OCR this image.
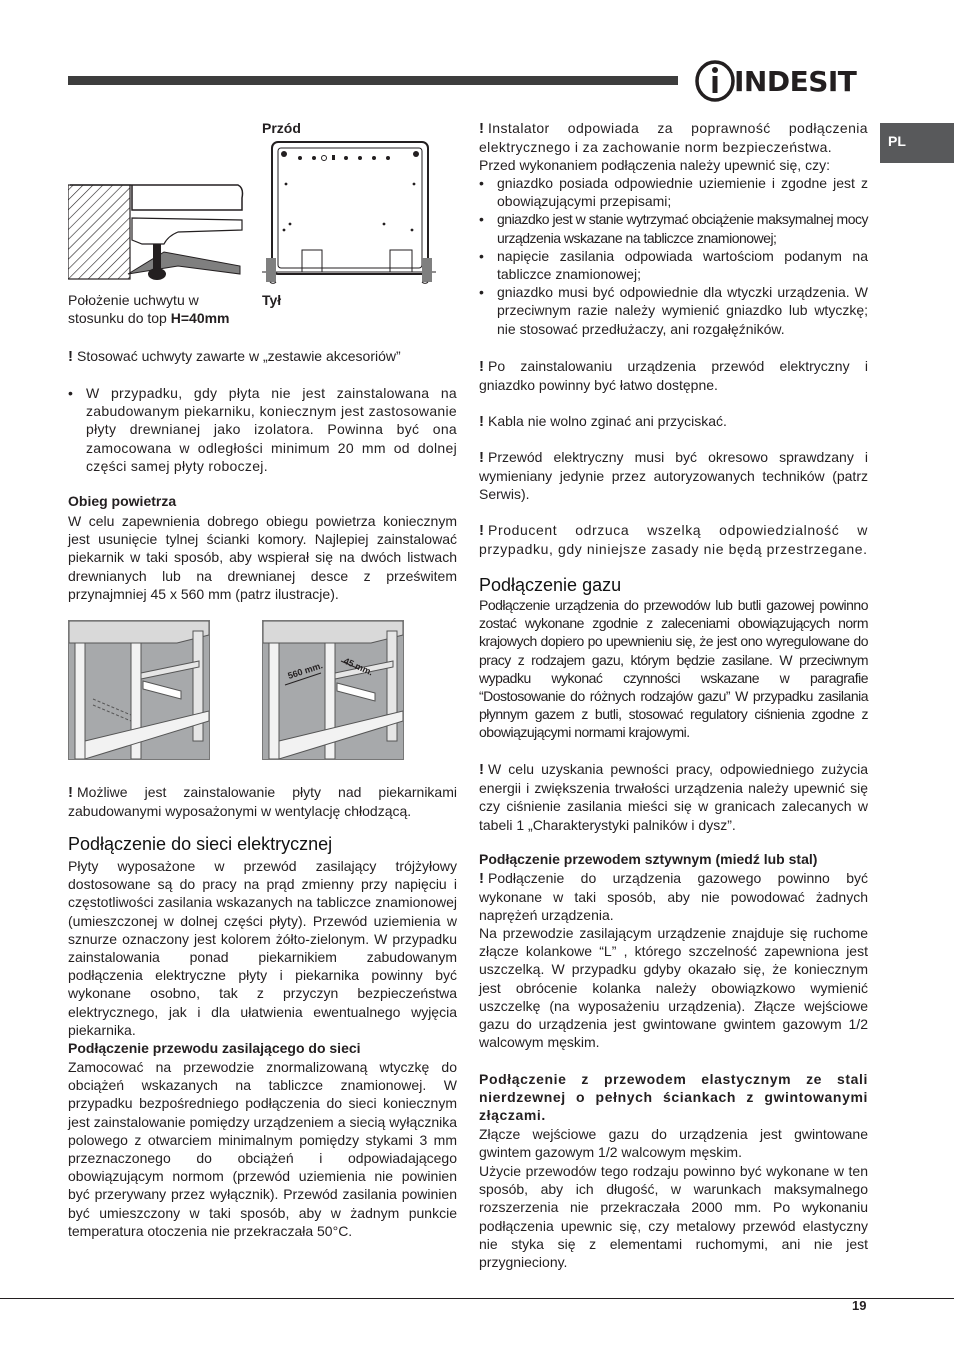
INDESIT
PL
Przód
Tył
Położenie uchwytu w
stosunku do top H=40mm
! Stosować uchwyty zawarte w „zestawie akcesoriów”
• W przypadku, gdy płyta nie jest zainstalowana na zabudowanym piekarniku, koniecznym jest zastosowanie płyty drewnianej jako izolatora. Powinna być ona zamocowana w odległości minimum 20 mm od dolnej części samej płyty roboczej.
Obieg powietrza
W celu zapewnienia dobrego obiegu powietrza koniecznym jest usunięcie tylnej ścianki komory. Najlepiej zainstalować piekarnik w taki sposób, aby wspierał się na dwóch listwach drewnianych lub na drewnianej desce z prześwitem przynajmniej 45 x 560 mm (patrz ilustracje).
560 mm. 45 mm.
! Możliwe jest zainstalowanie płyty nad piekarnikami zabudowanymi wyposażonymi w wentylację chłodzącą.
Podłączenie do sieci elektrycznej
Płyty wyposażone w przewód zasilający trójżyłowy dostosowane są do pracy na prąd zmienny przy napięciu i częstotliwości zasilania wskazanych na tabliczce znamionowej (umieszczonej w dolnej części płyty). Przewód uziemienia w sznurze oznaczony jest kolorem żółto-zielonym. W przypadku zainstalowania ponad piekarnikiem zabudowanym podłączenia elektryczne płyty i piekarnika powinny być wykonane osobno, tak z przyczyn bezpieczeństwa elektrycznego, jak i dla ułatwienia ewentualnego wyjęcia piekarnika.
Podłączenie przewodu zasilającego do sieci
Zamocować na przewodzie znormalizowaną wtyczkę do obciążeń wskazanych na tabliczce znamionowej. W przypadku bezpośredniego podłączenia do sieci koniecznym jest zainstalowanie pomiędzy urządzeniem a siecią wyłącznika polowego z otwarciem minimalnym pomiędzy stykami 3 mm przeznaczonego do obciążeń i odpowiadającego obowiązującym normom (przewód uziemienia nie powinien być przerywany przez wyłącznik). Przewód zasilania powinien być umieszczony w taki sposób, aby w żadnym punkcie temperatura otoczenia nie przekraczała 50°C.
! Instalator odpowiada za poprawność podłączenia elektrycznego i za zachowanie norm bezpieczeństwa.
Przed wykonaniem podłączenia należy upewnić się, czy:
• gniazdko posiada odpowiednie uziemienie i zgodne jest z obowiązującymi przepisami;
• gniazdko jest w stanie wytrzymać obciążenie maksymalnej mocy urządzenia wskazane na tabliczce znamionowej;
• napięcie zasilania odpowiada wartościom podanym na tabliczce znamionowej;
• gniazdko musi być odpowiednie dla wtyczki urządzenia. W przeciwnym razie należy wymienić gniazdko lub wtyczkę; nie stosować przedłużaczy, ani rozgałęźników.
! Po zainstalowaniu urządzenia przewód elektryczny i gniazdko powinny być łatwo dostępne.
! Kabla nie wolno zginać ani przyciskać.
! Przewód elektryczny musi być okresowo sprawdzany i wymieniany jedynie przez autoryzowanych techników (patrz Serwis).
! Producent odrzuca wszelką odpowiedzialność w przypadku, gdy niniejsze zasady nie będą przestrzegane.
Podłączenie gazu
Podłączenie urządzenia do przewodów lub butli gazowej powinno zostać wykonane zgodnie z zaleceniami obowiązujących norm krajowych dopiero po upewnieniu się, że jest ono wyregulowane do pracy z rodzajem gazu, którym będzie zasilane. W przeciwnym wypadku wykonać czynności wskazane w paragrafie “Dostosowanie do różnych rodzajów gazu” W przypadku zasilania płynnym gazem z butli, stosować regulatory ciśnienia zgodne z obowiązującymi normami krajowymi.
! W celu uzyskania pewności pracy, odpowiedniego zużycia energii i zwiększenia trwałości urządzenia należy upewnić się czy ciśnienie zasilania mieści się w granicach zalecanych w tabeli 1 „Charakterystyki palników i dysz”.
Podłączenie przewodem sztywnym (miedź lub stal)
! Podłączenie do urządzenia gazowego powinno być wykonane w taki sposób, aby nie powodować żadnych naprężeń urządzenia.
Na przewodzie zasilającym urządzenie znajduje się ruchome złącze kolankowe “L” , którego szczelność zapewniona jest uszczelką. W przypadku gdyby okazało się, że koniecznym jest obrócenie kolanka należy obowiązkowo wymienić uszczelkę (na wyposażeniu urządzenia). Złącze wejściowe gazu do urządzenia jest gwintowane gwintem gazowym 1/2 walcowym męskim.
Podłączenie z przewodem elastycznym ze stali nierdzewnej o pełnych ściankach z gwintowanymi złączami.
Złącze wejściowe gazu do urządzenia jest gwintowane gwintem gazowym 1/2 walcowym męskim.
Użycie przewodów tego rodzaju powinno być wykonane w ten sposób, aby ich długość, w warunkach maksymalnego rozszerzenia nie przekraczała 2000 mm. Po wykonaniu podłączenia upewnic się, czy metalowy przewód elastyczny nie styka się z elementami ruchomymi, ani nie jest przygnieciony.
19
